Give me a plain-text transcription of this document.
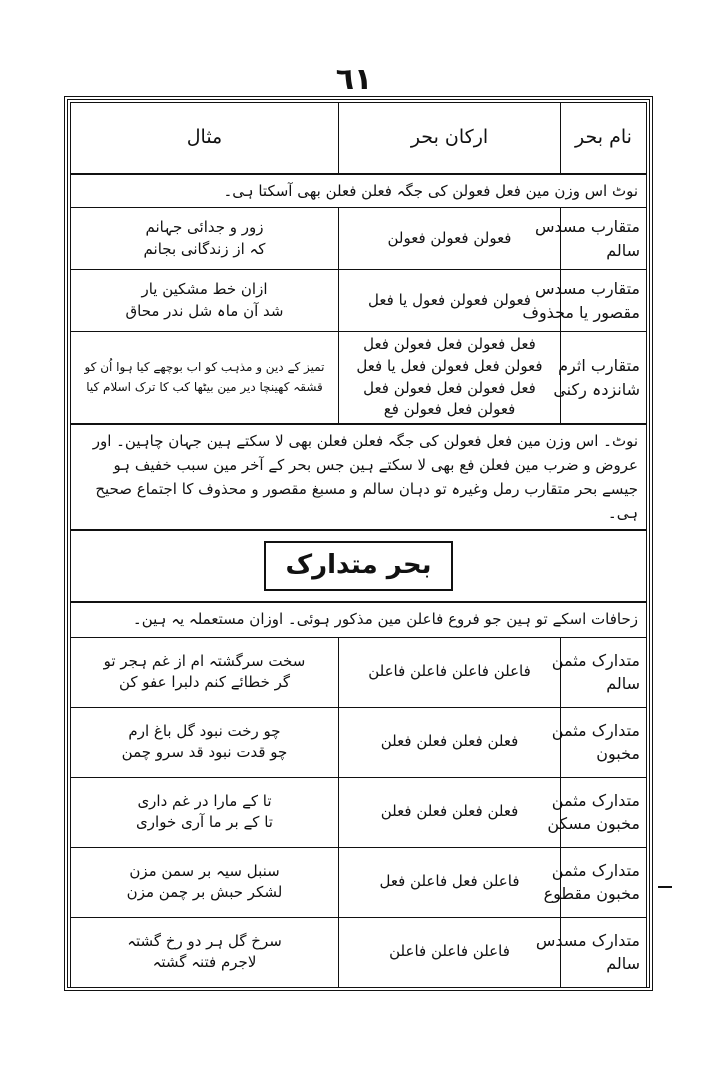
٦١
نام بحر	ارکان بحر	مثال
نوٹ اس وزن مین فعل فعولن کی جگہ فعلن فعلن بھی آسکتا ہی۔		

متقارب مسدس
سالم	فعولن فعولن فعولن	زور و جدائی جہانم
کہ از زندگانی بجانم

متقارب مسدس
مقصور یا محذوف	فعولن فعولن فعول یا فعل	ازان خط مشکین یار
شد آن ماہ شل ندر محاق

متقارب اثرم
شانزدہ رکنی	فعل فعولن فعل فعولن فعل فعولن فعل فعولن فعل یا فعل
فعل فعولن فعل فعولن فعل فعولن فعل فعولن فع	تمیز کے دین و مذہب کو اب بوچھے کیا ہوا اُن کو
قشقہ کھینچا دیر مین بیٹھا کب کا ترک اسلام کیا

نوٹ۔ اس وزن مین فعل فعولن کی جگہ فعلن فعلن بھی لا سکتے ہین جہان چاہین۔ اور عروض و ضرب مین فعلن فع بھی لا سکتے ہین جس بحر کے آخر مین سبب خفیف ہو جیسے بحر متقارب رمل وغیرہ تو دہان سالم و مسبغ مقصور و محذوف کا اجتماع صحیح ہی۔		
بحر متدارک		
زحافات اسکے تو ہین جو فروع فاعلن مین مذکور ہوئی۔ اوزان مستعملہ یہ ہین۔		

متدارک مثمن
سالم	فاعلن فاعلن فاعلن فاعلن	سخت سرگشتہ ام از غم ہجر تو
گر خطائے کنم دلبرا عفو کن

متدارک مثمن
مخبون	فعلن فعلن فعلن فعلن	چو رخت نبود گل باغ ارم
چو قدت نبود قد سرو چمن

متدارک مثمن
مخبون مسکن	فعلن فعلن فعلن فعلن	تا کے مارا در غم داری
تا کے بر ما آری خواری

متدارک مثمن
مخبون مقطوع	فاعلن فعل فاعلن فعل	سنبل سیہ بر سمن مزن
لشکر حبش بر چمن مزن

متدارک مسدس
سالم	فاعلن فاعلن فاعلن	سرخ گل ہر دو رخ گشتہ
لاجرم فتنہ گشتہ
